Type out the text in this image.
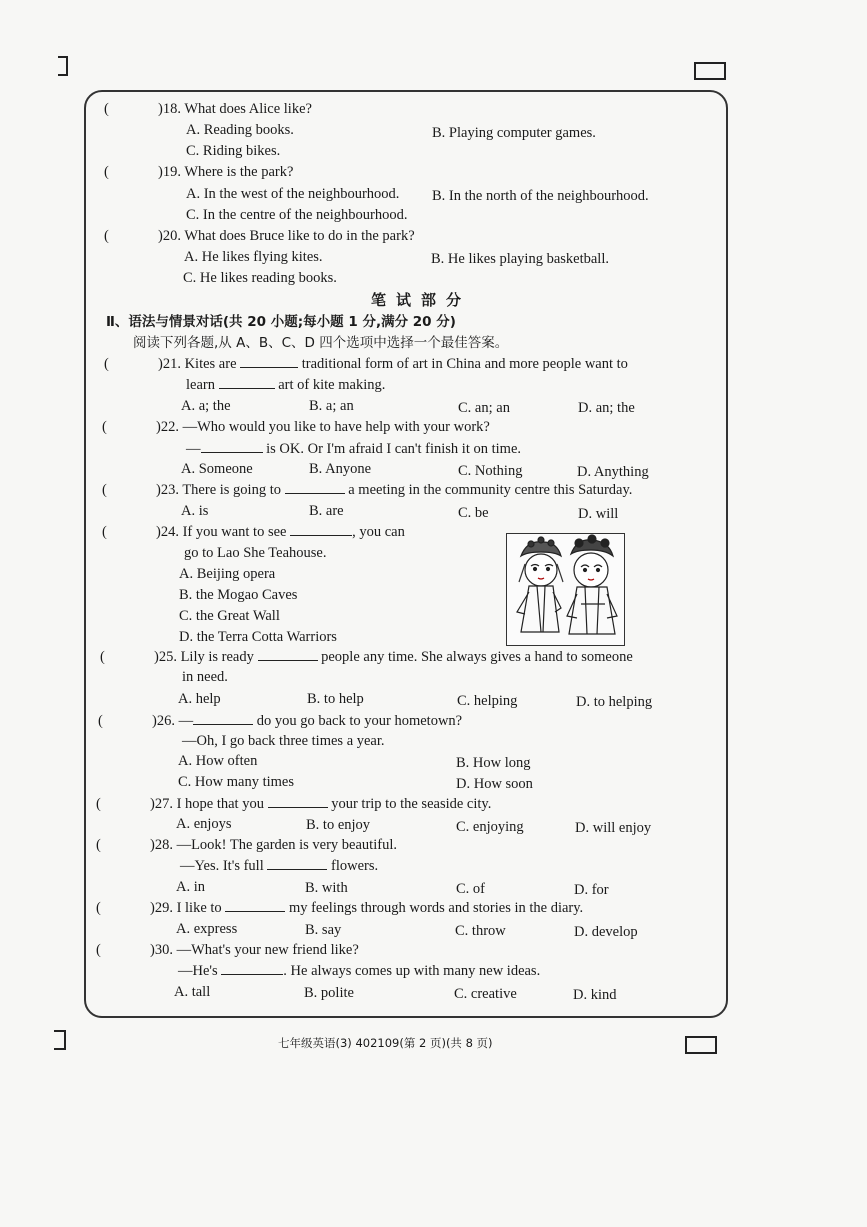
(	)18. What does Alice like?
A. Reading books.	B. Playing computer games.
C. Riding bikes.
(	)19. Where is the park?
A. In the west of the neighbourhood. B. In the north of the neighbourhood.
C. In the centre of the neighbourhood.
(	)20. What does Bruce like to do in the park?
A. He likes flying kites.	B. He likes playing basketball.
C. He likes reading books.
笔试部分
Ⅱ、语法与情景对话(共 20 小题;每小题 1 分,满分 20 分)
阅读下列各题,从 A、B、C、D 四个选项中选择一个最佳答案。
(	)21. Kites are	traditional form of art in China and more people want to
learn	art of kite making.
A. a; the	B. a; an	C. an; an	D. an; the
(	)22. —Who would you like to have help with your work?
—	is OK. Or I'm afraid I can't finish it on time.
A. Someone	B. Anyone	C. Nothing	D. Anything
(	)23. There is going to	a meeting in the community centre this Saturday.
A. is	B. are	C. be	D. will
(	)24. If you want to see	, you can
go to Lao She Teahouse.
A. Beijing opera
B. the Mogao Caves
C. the Great Wall
D. the Terra Cotta Warriors
(	)25. Lily is ready	people any time. She always gives a hand to someone
in need.
A. help	B. to help	C. helping	D. to helping
(	)26. —	do you go back to your hometown?
—Oh, I go back three times a year.
A. How often	B. How long
C. How many times	D. How soon
(	)27. I hope that you	your trip to the seaside city.
A. enjoys	B. to enjoy	C. enjoying	D. will enjoy
(	)28. —Look! The garden is very beautiful.
—Yes. It's full	flowers.
A. in	B. with	C. of	D. for
(	)29. I like to	my feelings through words and stories in the diary.
A. express	B. say	C. throw	D. develop
(	)30. —What's your new friend like?
—He's	. He always comes up with many new ideas.
A. tall	B. polite	C. creative	D. kind
七年级英语(3) 402109(第 2 页)(共 8 页)
